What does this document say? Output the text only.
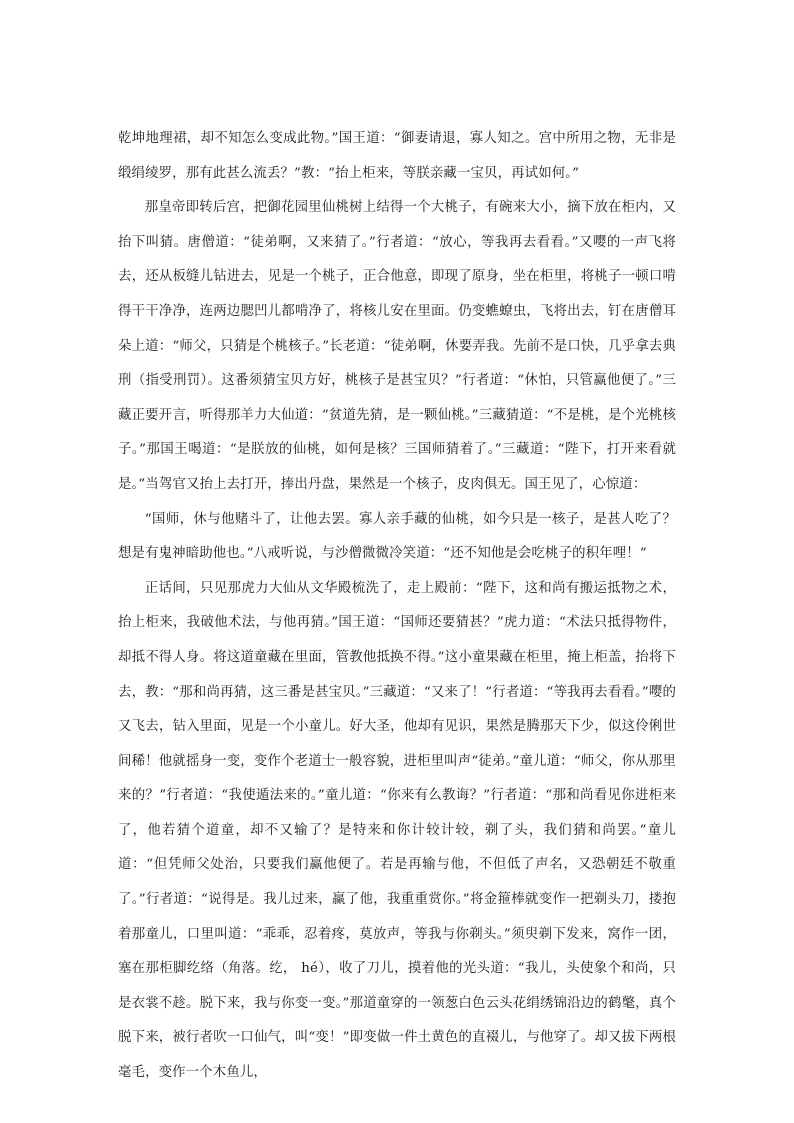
乾坤地理裙，却不知怎么变成此物。”国王道：“御妻请退，寡人知之。宫中所用之物，无非是缎绢绫罗，那有此甚么流丢？”教：“抬上柜来，等朕亲藏一宝贝，再试如何。”

那皇帝即转后宫，把御花园里仙桃树上结得一个大桃子，有碗来大小，摘下放在柜内，又抬下叫猜。唐僧道：“徒弟啊，又来猜了。”行者道：“放心，等我再去看看。”又嘤的一声飞将去，还从板缝儿钻进去，见是一个桃子，正合他意，即现了原身，坐在柜里，将桃子一顿口啃得干干净净，连两边腮凹儿都啃净了，将核儿安在里面。仍变蟭蟟虫，飞将出去，钉在唐僧耳朵上道：“师父，只猜是个桃核子。”长老道：“徒弟啊，休要弄我。先前不是口快，几乎拿去典刑（指受刑罚）。这番须猜宝贝方好，桃核子是甚宝贝？”行者道：“休怕，只管赢他便了。”三藏正要开言，听得那羊力大仙道：“贫道先猜，是一颗仙桃。”三藏猜道：“不是桃，是个光桃核子。”那国王喝道：“是朕放的仙桃，如何是核？三国师猜着了。”三藏道：“陛下，打开来看就是。”当驾官又抬上去打开，捧出丹盘，果然是一个核子，皮肉俱无。国王见了，心惊道：

“国师，休与他赌斗了，让他去罢。寡人亲手藏的仙桃，如今只是一核子，是甚人吃了？想是有鬼神暗助他也。”八戒听说，与沙僧微微冷笑道：“还不知他是会吃桃子的积年哩！”

正话间，只见那虎力大仙从文华殿梳洗了，走上殿前：“陛下，这和尚有搬运抵物之术，抬上柜来，我破他术法，与他再猜。”国王道：“国师还要猜甚？”虎力道：“术法只抵得物件，却抵不得人身。将这道童藏在里面，管教他抵换不得。”这小童果藏在柜里，掩上柜盖，抬将下去，教：“那和尚再猜，这三番是甚宝贝。”三藏道：“又来了！”行者道：“等我再去看看。”嘤的又飞去，钻入里面，见是一个小童儿。好大圣，他却有见识，果然是腾那天下少，似这伶俐世间稀！他就摇身一变，变作个老道士一般容貌，进柜里叫声“徒弟。”童儿道：“师父，你从那里来的？”行者道：“我使遁法来的。”童儿道：“你来有么教诲？”行者道：“那和尚看见你进柜来了，他若猜个道童，却不又输了？是特来和你计较计较，剃了头，我们猜和尚罢。”童儿道：“但凭师父处治，只要我们赢他便了。若是再输与他，不但低了声名，又恐朝廷不敬重了。”行者道：“说得是。我儿过来，赢了他，我重重赏你。”将金箍棒就变作一把剃头刀，搂抱着那童儿，口里叫道：“乖乖，忍着疼，莫放声，等我与你剃头。”须臾剃下发来，窝作一团，塞在那柜脚纥络（角落。纥， hé），收了刀儿，摸着他的光头道：“我儿，头使象个和尚，只是衣裳不趁。脱下来，我与你变一变。”那道童穿的一领葱白色云头花绢绣锦沿边的鹤氅，真个脱下来，被行者吹一口仙气，叫“变！”即变做一件土黄色的直裰儿，与他穿了。却又拔下两根毫毛，变作一个木鱼儿，
